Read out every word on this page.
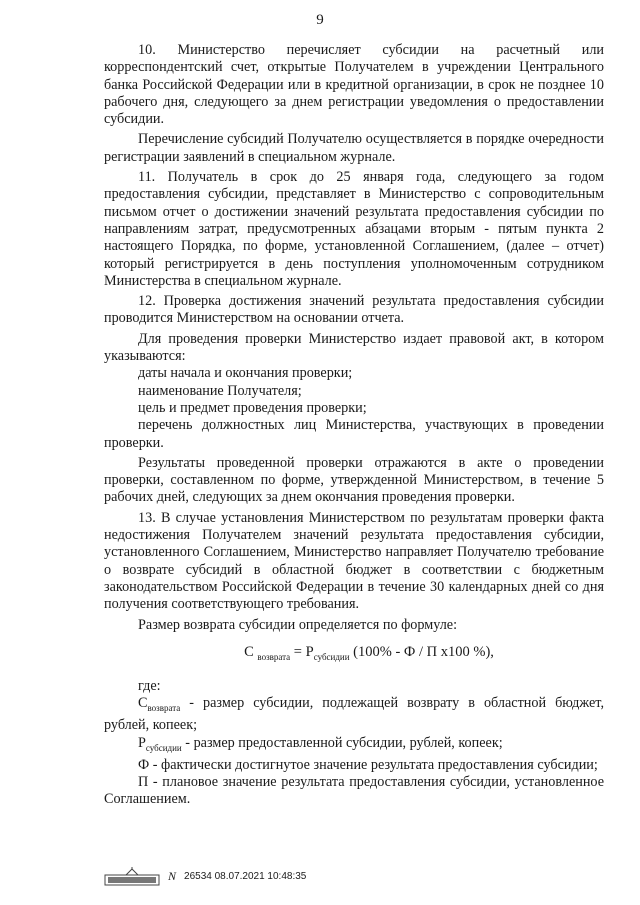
9

10. Министерство перечисляет субсидии на расчетный или корреспондентский счет, открытые Получателем в учреждении Центрального банка Российской Федерации или в кредитной организации, в срок не позднее 10 рабочего дня, следующего за днем регистрации уведомления о предоставлении субсидии.

Перечисление субсидий Получателю осуществляется в порядке очередности регистрации заявлений в специальном журнале.

11. Получатель в срок до 25 января года, следующего за годом предоставления субсидии, представляет в Министерство с сопроводительным письмом отчет о достижении значений результата предоставления субсидии по направлениям затрат, предусмотренных абзацами вторым - пятым пункта 2 настоящего Порядка, по форме, установленной Соглашением, (далее – отчет) который регистрируется в день поступления уполномоченным сотрудником Министерства в специальном журнале.

12. Проверка достижения значений результата предоставления субсидии проводится Министерством на основании отчета.

Для проведения проверки Министерство издает правовой акт, в котором указываются:

даты начала и окончания проверки;

наименование Получателя;

цель и предмет проведения проверки;

перечень должностных лиц Министерства, участвующих в проведении проверки.

Результаты проведенной проверки отражаются в акте о проведении проверки, составленном по форме, утвержденной Министерством, в течение 5 рабочих дней, следующих за днем окончания проведения проверки.

13. В случае установления Министерством по результатам проверки факта недостижения Получателем значений результата предоставления субсидии, установленного Соглашением, Министерство направляет Получателю требование о возврате субсидий в областной бюджет в соответствии с бюджетным законодательством Российской Федерации в течение 30 календарных дней со дня получения соответствующего требования.

Размер возврата субсидии определяется по формуле:

С $_{возврата} = Р_{субсидии}$ (100% - Ф / П х100 %),

где:

$С_{возврата}$ - размер субсидии, подлежащей возврату в областной бюджет, рублей, копеек;

$Р_{субсидии}$ - размер предоставленной субсидии, рублей, копеек;

Ф - фактически достигнутое значение результата предоставления субсидии;

П - плановое значение результата предоставления субсидии, установленное Соглашением.

N 26534 08.07.2021 10:48:35
